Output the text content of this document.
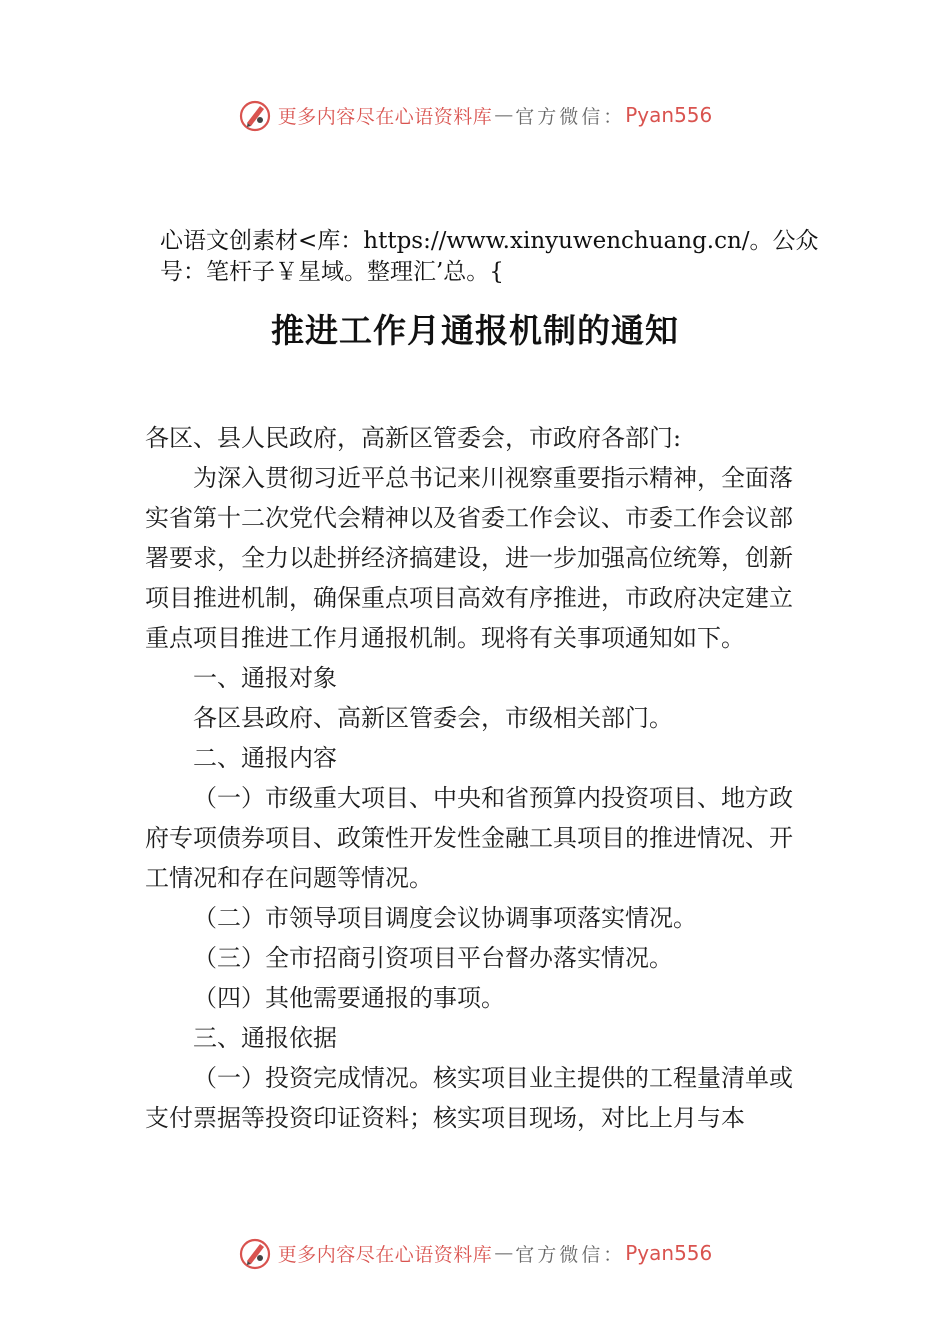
更多内容尽在心语资料库 — 官方微信： Pyan556
心语文创素材<库：https://www.xinyuwenchuang.cn/。公众号：笔杆子￥星域。整理汇’总。{
推进工作月通报机制的通知

各区、县人民政府，高新区管委会，市政府各部门:

为深入贯彻习近平总书记来川视察重要指示精神，全面落实省第十二次党代会精神以及省委工作会议、市委工作会议部署要求，全力以赴拼经济搞建设，进一步加强高位统筹，创新项目推进机制，确保重点项目高效有序推进，市政府决定建立重点项目推进工作月通报机制。现将有关事项通知如下。

一、通报对象

各区县政府、高新区管委会，市级相关部门。

二、通报内容

（一）市级重大项目、中央和省预算内投资项目、地方政府专项债券项目、政策性开发性金融工具项目的推进情况、开工情况和存在问题等情况。

（二）市领导项目调度会议协调事项落实情况。

（三）全市招商引资项目平台督办落实情况。

（四）其他需要通报的事项。

三、通报依据

（一）投资完成情况。核实项目业主提供的工程量清单或支付票据等投资印证资料；核实项目现场，对比上月与本

更多内容尽在心语资料库 — 官方微信： Pyan556
